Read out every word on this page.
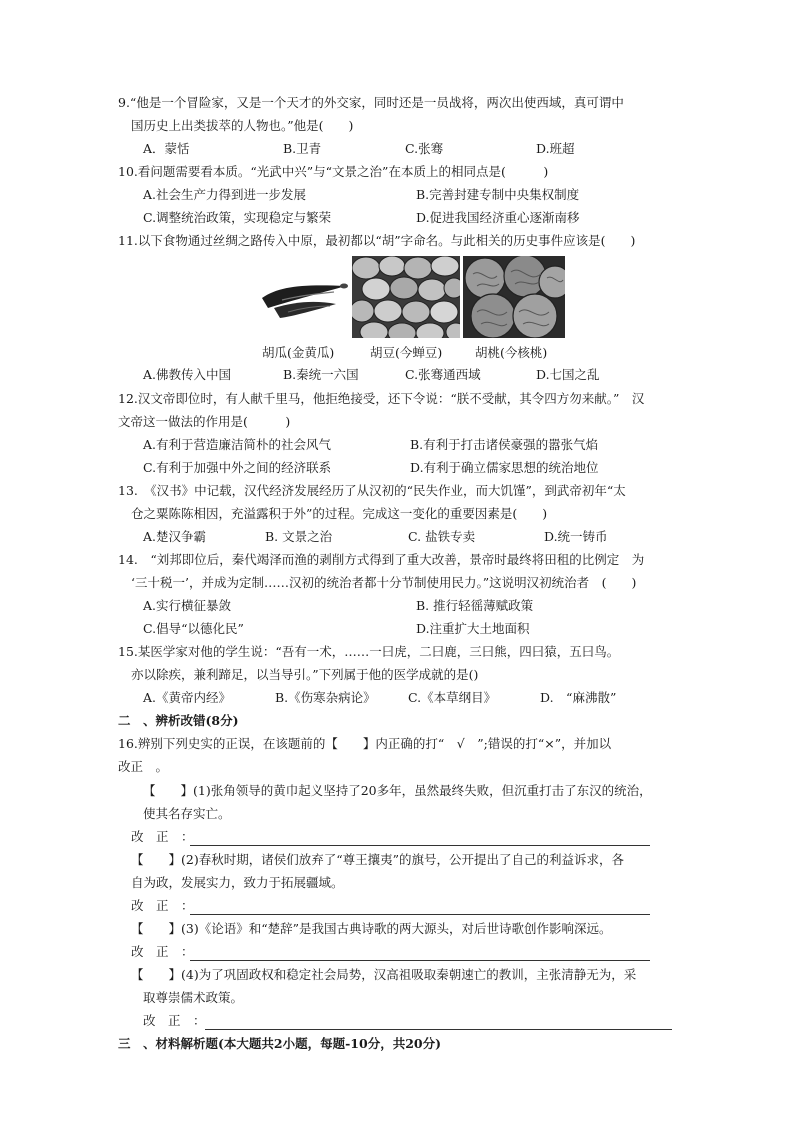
9.“他是一个冒险家，又是一个天才的外交家，同时还是一员战将，两次出使西域，真可谓中
国历史上出类拔萃的人物也。”他是(　　)
A．蒙恬	B.卫青	C.张骞	D.班超
10.看问题需要看本质。“光武中兴”与“文景之治”在本质上的相同点是(　　　)
A.社会生产力得到进一步发展	B.完善封建专制中央集权制度
C.调整统治政策，实现稳定与繁荣	D.促进我国经济重心逐渐南移
11.以下食物通过丝绸之路传入中原，最初都以“胡”字命名。与此相关的历史事件应该是(　　)
胡瓜(金黄瓜)	胡豆(今蝉豆)	胡桃(今核桃)
A.佛教传入中国	B.秦统一六国	C.张骞通西域	D.七国之乱
12.汉文帝即位时，有人献千里马，他拒绝接受，还下令说：“朕不受献，其令四方勿来献。”　汉
文帝这一做法的作用是(　　　)
A.有利于营造廉洁简朴的社会风气	B.有利于打击诸侯豪强的嚣张气焰
C.有利于加强中外之间的经济联系	D.有利于确立儒家思想的统治地位
13.　《汉书》中记载，汉代经济发展经历了从汉初的“民失作业，而大饥馑”，到武帝初年“太
仓之粟陈陈相因，充溢露积于外”的过程。完成这一变化的重要因素是(　　)
A.楚汉争霸	B. 文景之治	C. 盐铁专卖	D.统一铸币
14.　“刘邦即位后，秦代竭泽而渔的剥削方式得到了重大改善，景帝时最终将田租的比例定　为
‘三十税一’，并成为定制……汉初的统治者都十分节制使用民力。”这说明汉初统治者　(　　)
A.实行横征暴敛	B. 推行轻徭薄赋政策
C.倡导“以德化民”	D.注重扩大土地面积
15.某医学家对他的学生说：“吾有一术，……一曰虎，二曰鹿，三曰熊，四曰猿，五曰鸟。
亦以除疾，兼利蹄足，以当导引。”下列属于他的医学成就的是()
A.《黄帝内经》	B.《伤寒杂病论》	C.《本草纲目》	D.　“麻沸散”
二　、辨析改错(8分)
16.辨别下列史实的正误，在该题前的【　　】内正确的打“　√　”;错误的打“×”，并加以
改正　。
【　　】(1)张角领导的黄巾起义坚持了20多年，虽然最终失败，但沉重打击了东汉的统治，
使其名存实亡。
改　正　：
【　　】(2)春秋时期，诸侯们放弃了“尊王攘夷”的旗号，公开提出了自己的利益诉求，各
自为政，发展实力，致力于拓展疆域。
改　正　：
【　　】(3)《论语》和“楚辞”是我国古典诗歌的两大源头，对后世诗歌创作影响深远。
改　正　：
【　　】(4)为了巩固政权和稳定社会局势，汉高祖吸取秦朝速亡的教训，主张清静无为，采
取尊崇儒术政策。
改　正　：
三　、材料解析题(本大题共2小题，每题-10分，共20分)
